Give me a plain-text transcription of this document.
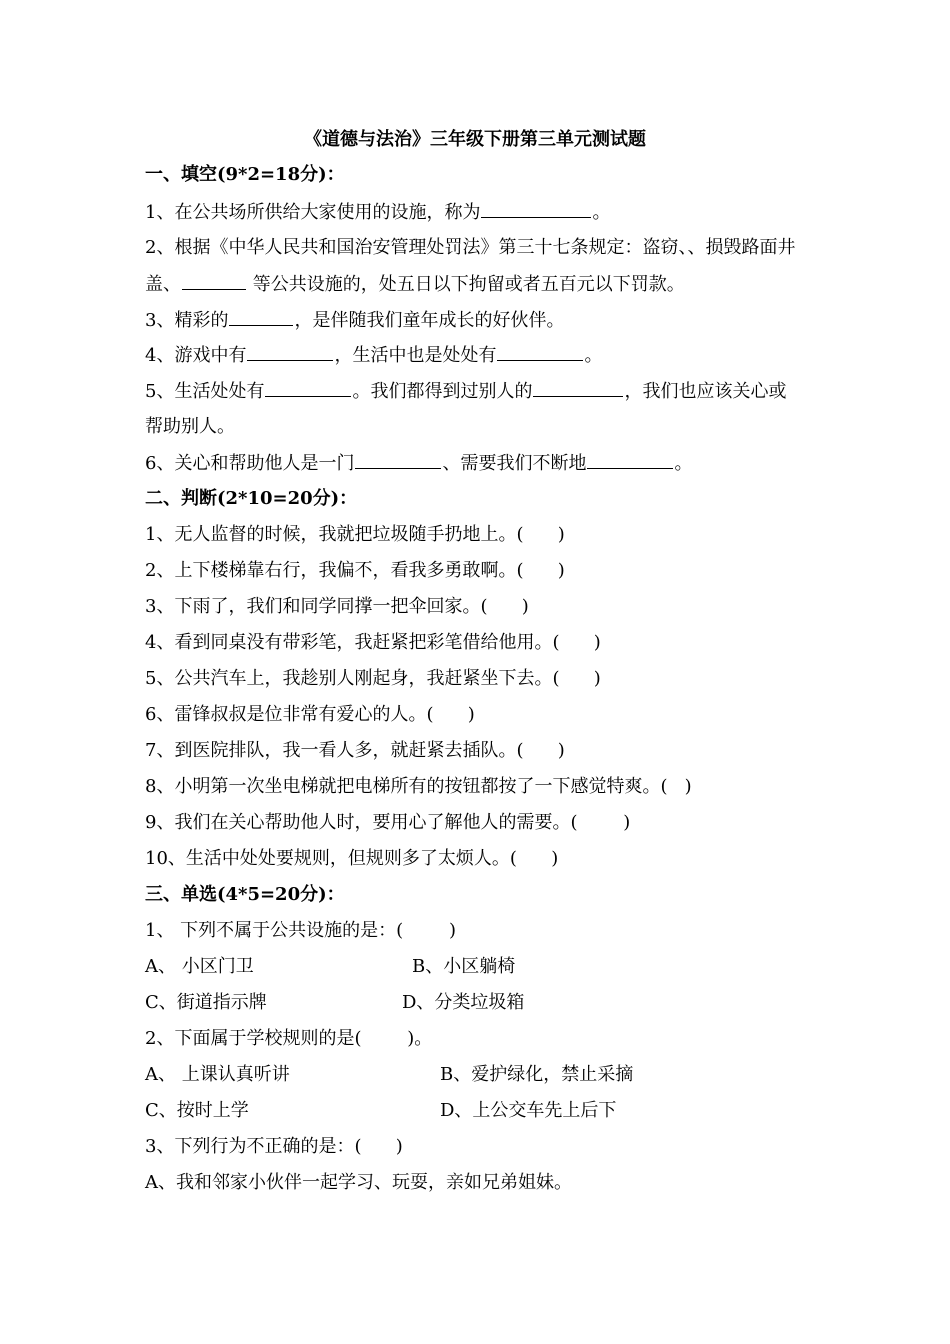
《道德与法治》三年级下册第三单元测试题
一、填空(9*2=18分)：
1、在公共场所供给大家使用的设施，称为	。
2、根据《中华人民共和国治安管理处罚法》第三十七条规定：盗窃、、损毁路面井
盖、	等公共设施的，处五日以下拘留或者五百元以下罚款。
3、精彩的	，是伴随我们童年成长的好伙伴。
4、游戏中有	，生活中也是处处有	。
5、生活处处有	。我们都得到过别人的	，我们也应该关心或
帮助别人。
6、关心和帮助他人是一门	、需要我们不断地	。
二、判断(2*10=20分)：
1、无人监督的时候，我就把垃圾随手扔地上。(      )
2、上下楼梯靠右行，我偏不，看我多勇敢啊。(      )
3、下雨了，我们和同学同撑一把伞回家。(      )
4、看到同桌没有带彩笔，我赶紧把彩笔借给他用。(      )
5、公共汽车上，我趁别人刚起身，我赶紧坐下去。(      )
6、雷锋叔叔是位非常有爱心的人。(      )
7、到医院排队，我一看人多，就赶紧去插队。(      )
8、小明第一次坐电梯就把电梯所有的按钮都按了一下感觉特爽。(   )
9、我们在关心帮助他人时，要用心了解他人的需要。(        )
10、生活中处处要规则，但规则多了太烦人。(      )
三、单选(4*5=20分)：
1、 下列不属于公共设施的是：(        )
A、 小区门卫	B、小区躺椅
C、街道指示牌	D、分类垃圾箱
2、下面属于学校规则的是(        )。
A、 上课认真听讲	B、爱护绿化，禁止采摘
C、按时上学	D、上公交车先上后下
3、下列行为不正确的是：(      )
A、我和邻家小伙伴一起学习、玩耍，亲如兄弟姐妹。
